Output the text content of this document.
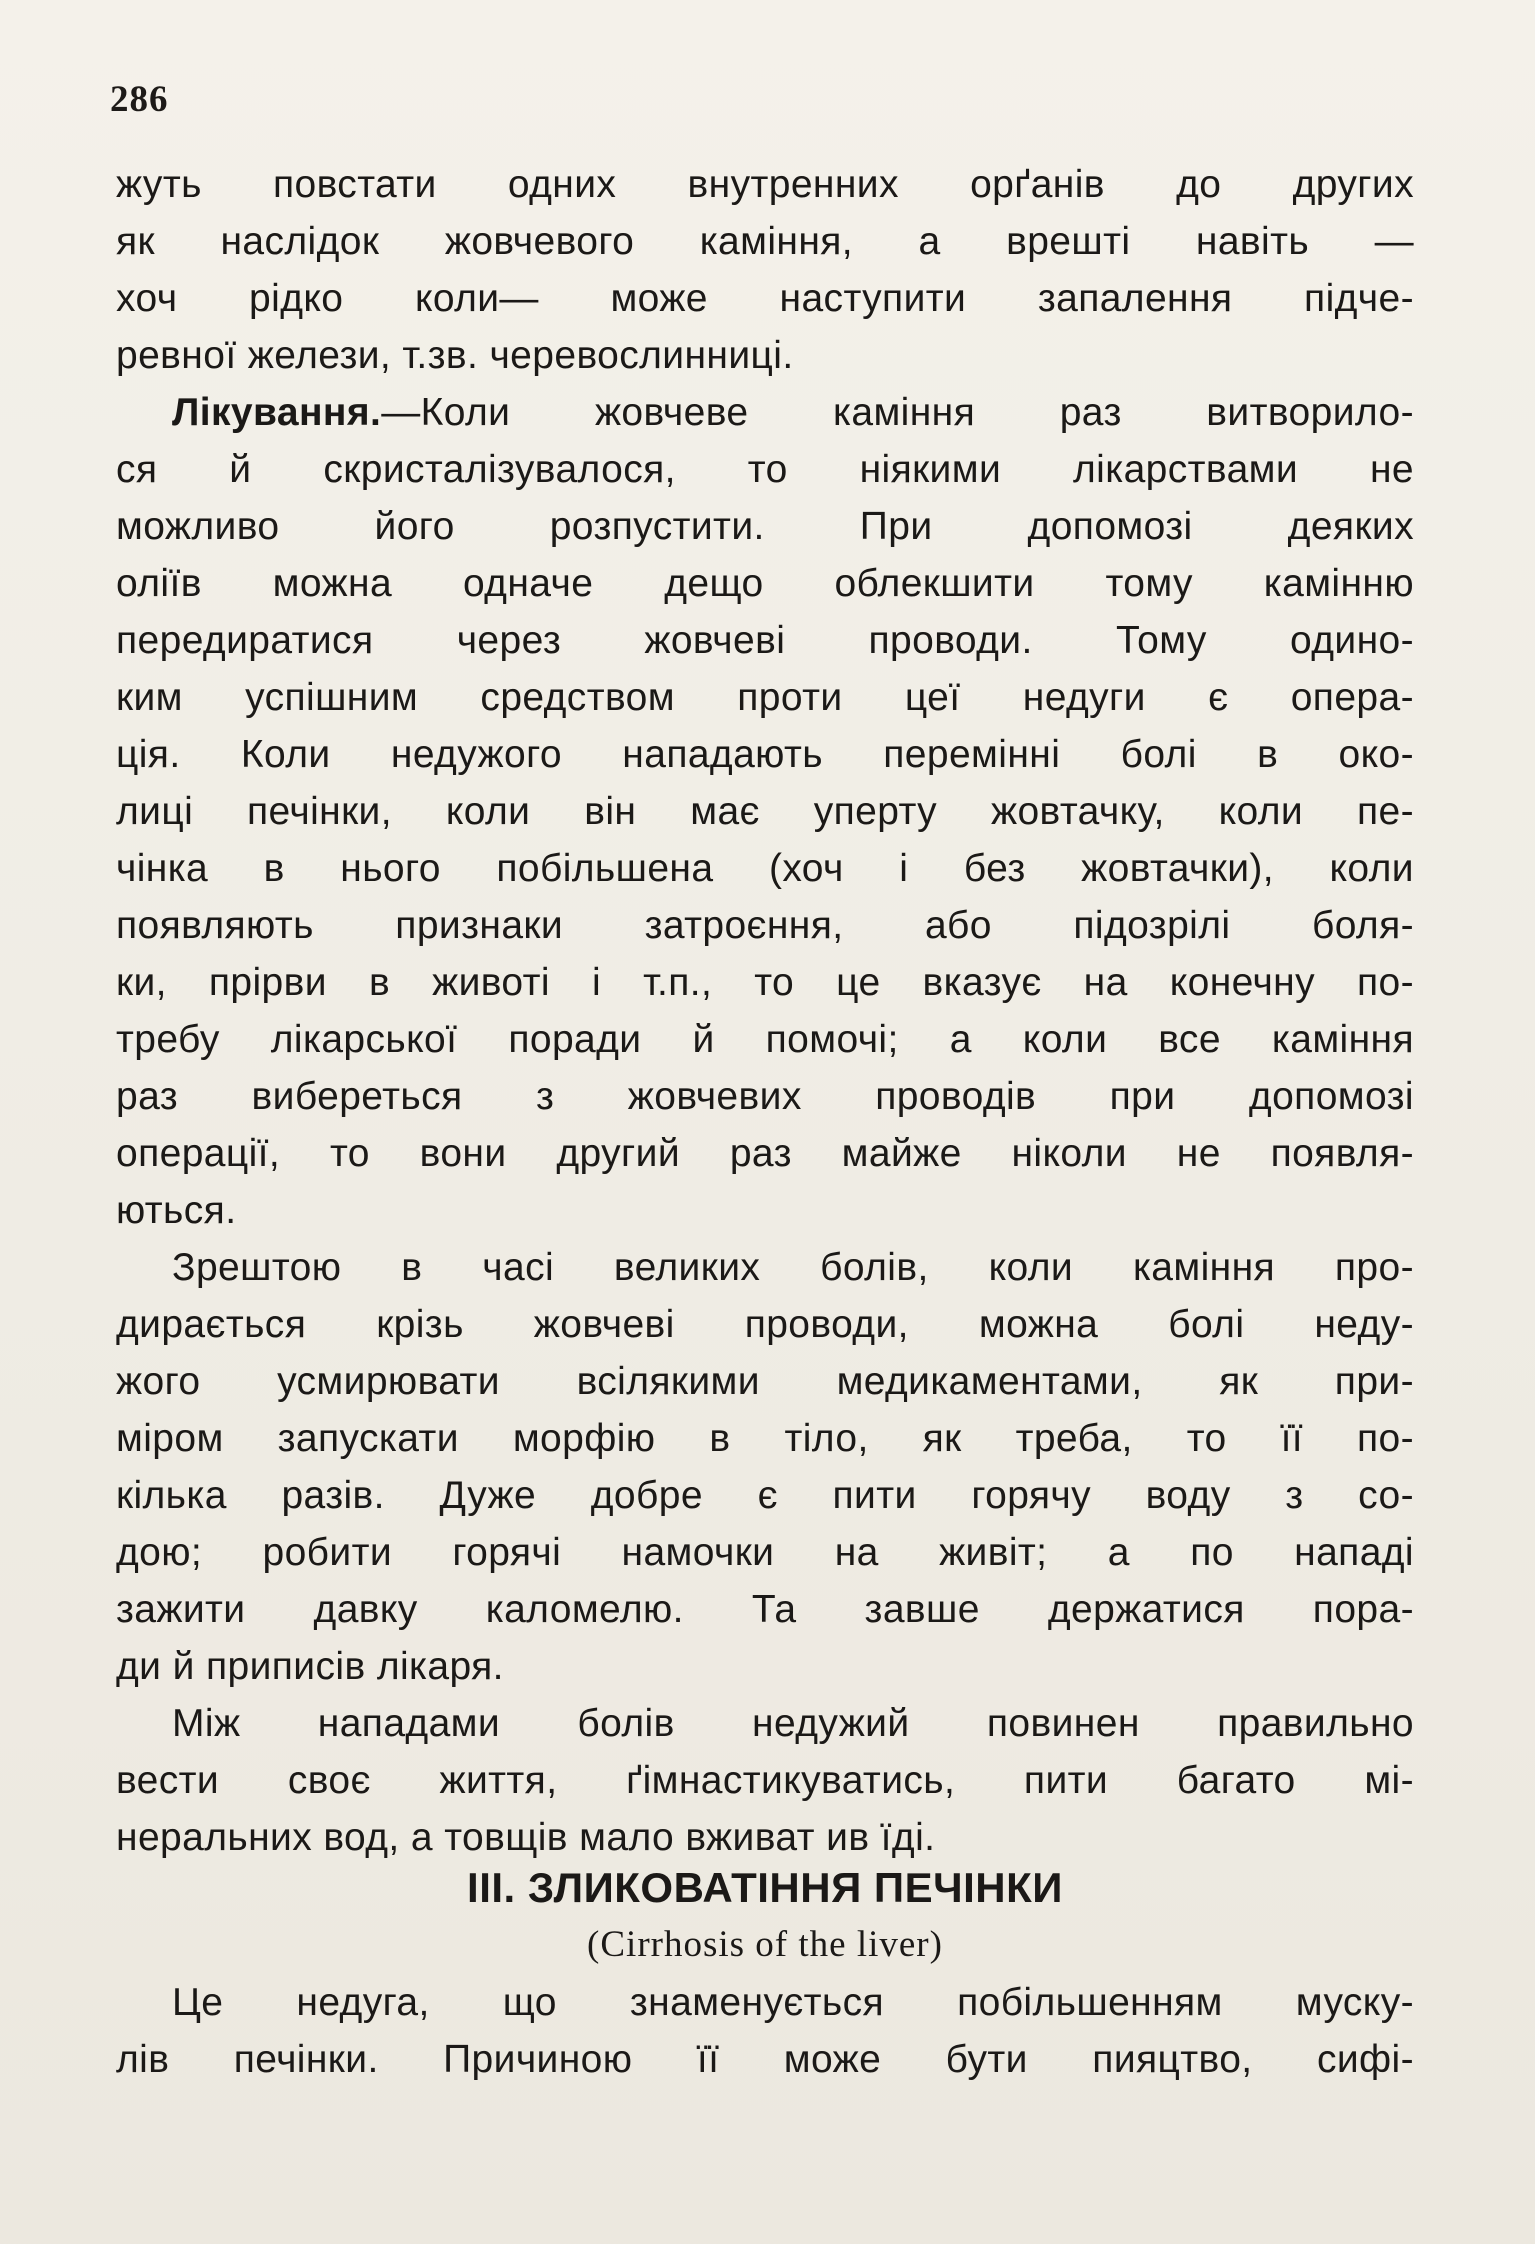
286
жуть повстати одних внутренних орґанів до других
як наслідок жовчевого каміння, а врешті навіть —
хоч рідко коли— може наступити запалення підче-
ревної желези, т.зв. черевослинниці.
Лікування.—Коли жовчеве каміння раз витворило-
ся й скристалізувалося, то ніякими лікарствами не
можливо його розпустити. При допомозі деяких
оліїв можна одначе дещо облекшити тому камінню
передиратися через жовчеві проводи. Тому одино-
ким успішним средством проти цеї недуги є опера-
ція. Коли недужого нападають перемінні болі в око-
лиці печінки, коли він має уперту жовтачку, коли пе-
чінка в нього побільшена (хоч і без жовтачки), коли
появляють признаки затроєння, або підозрілі боля-
ки, прірви в животі і т.п., то це вказує на конечну по-
требу лікарської поради й помочі; а коли все каміння
раз вибереться з жовчевих проводів при допомозі
операції, то вони другий раз майже ніколи не появля-
ються.
Зрештою в часі великих болів, коли каміння про-
дирається крізь жовчеві проводи, можна болі неду-
жого усмирювати всілякими медикаментами, як при-
міром запускати морфію в тіло, як треба, то її по-
кілька разів. Дуже добре є пити горячу воду з со-
дою; робити горячі намочки на живіт; а по нападі
зажити давку каломелю. Та завше держатися пора-
ди й приписів лікаря.
Між нападами болів недужий повинен правильно
вести своє життя, ґімнастикуватись, пити багато мі-
неральних вод, а товщів мало вживат ив їді.
III. ЗЛИКОВАТІННЯ ПЕЧІНКИ
(Cirrhosis of the liver)
Це недуга, що знаменується побільшенням муску-
лів печінки. Причиною її може бути пияцтво, сифі-
